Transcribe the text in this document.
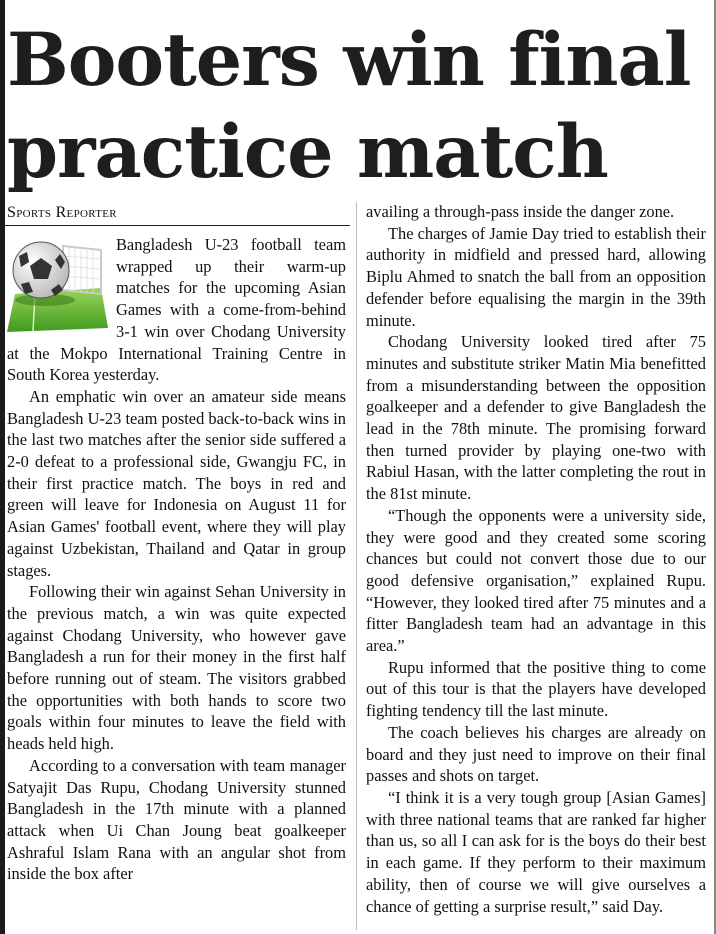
Booters win final practice match
Sports Reporter

Bangladesh U-23 football team wrapped up their warm-up matches for the upcoming Asian Games with a come-from-behind 3-1 win over Chodang University at the Mokpo International Training Centre in South Korea yesterday.

An emphatic win over an amateur side means Bangladesh U-23 team posted back-to-back wins in the last two matches after the senior side suffered a 2-0 defeat to a professional side, Gwangju FC, in their first practice match. The boys in red and green will leave for Indonesia on August 11 for Asian Games' football event, where they will play against Uzbekistan, Thailand and Qatar in group stages.

Following their win against Sehan University in the previous match, a win was quite expected against Chodang University, who however gave Bangladesh a run for their money in the first half before running out of steam. The visitors grabbed the opportunities with both hands to score two goals within four minutes to leave the field with heads held high.

According to a conversation with team manager Satyajit Das Rupu, Chodang University stunned Bangladesh in the 17th minute with a planned attack when Ui Chan Joung beat goalkeeper Ashraful Islam Rana with an angular shot from inside the box after

availing a through-pass inside the danger zone.

The charges of Jamie Day tried to establish their authority in midfield and pressed hard, allowing Biplu Ahmed to snatch the ball from an opposition defender before equalising the margin in the 39th minute.

Chodang University looked tired after 75 minutes and substitute striker Matin Mia benefitted from a misunderstanding between the opposition goalkeeper and a defender to give Bangladesh the lead in the 78th minute. The promising forward then turned provider by playing one-two with Rabiul Hasan, with the latter completing the rout in the 81st minute.

“Though the opponents were a university side, they were good and they created some scoring chances but could not convert those due to our good defensive organisation,” explained Rupu. “However, they looked tired after 75 minutes and a fitter Bangladesh team had an advantage in this area.”

Rupu informed that the positive thing to come out of this tour is that the players have developed fighting tendency till the last minute.

The coach believes his charges are already on board and they just need to improve on their final passes and shots on target.

“I think it is a very tough group [Asian Games] with three national teams that are ranked far higher than us, so all I can ask for is the boys do their best in each game. If they perform to their maximum ability, then of course we will give ourselves a chance of getting a surprise result,” said Day.
